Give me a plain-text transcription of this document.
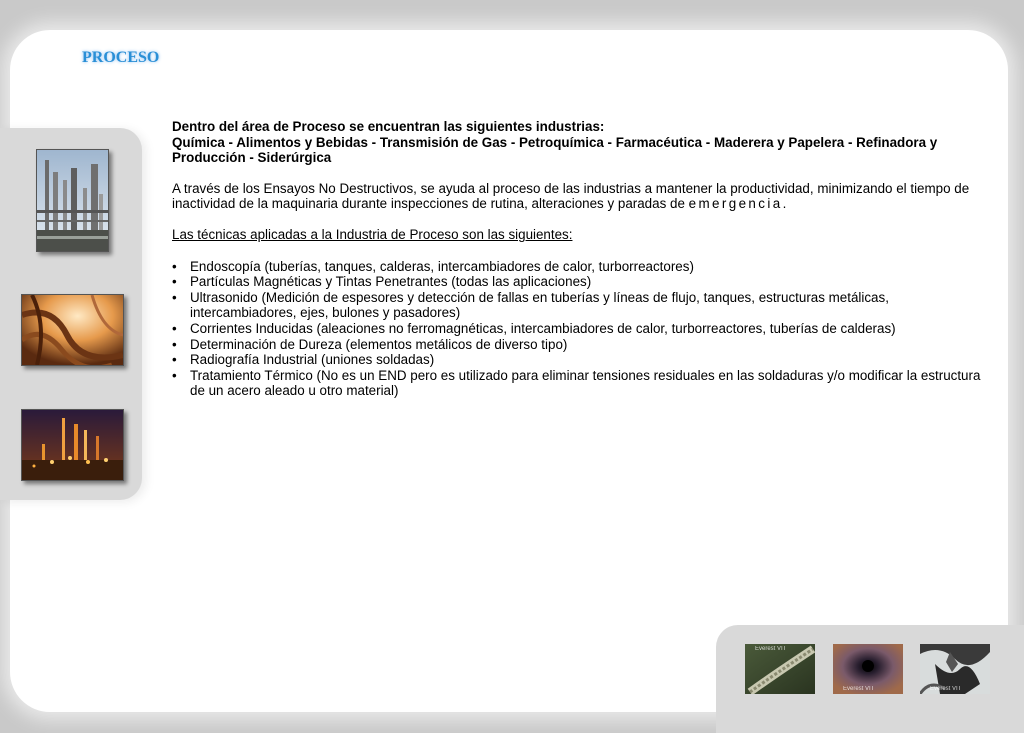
PROCESO

Dentro del área de Proceso se encuentran las siguientes industrias:
Química - Alimentos y Bebidas - Transmisión de Gas - Petroquímica - Farmacéutica - Maderera y Papelera - Refinadora y Producción - Siderúrgica

A través de los Ensayos No Destructivos, se ayuda al proceso de las industrias a mantener la productividad, minimizando el tiempo de inactividad de la maquinaria durante inspecciones de rutina, alteraciones y paradas de emergencia.

Las técnicas aplicadas a la Industria de Proceso son las siguientes:

• Endoscopía (tuberías, tanques, calderas, intercambiadores de calor, turborreactores)
• Partículas Magnéticas y Tintas Penetrantes (todas las aplicaciones)
• Ultrasonido (Medición de espesores y detección de fallas en tuberías y líneas de flujo, tanques, estructuras metálicas, intercambiadores, ejes, bulones y pasadores)
• Corrientes Inducidas (aleaciones no ferromagnéticas, intercambiadores de calor, turborreactores, tuberías de calderas)
• Determinación de Dureza (elementos metálicos de diverso tipo)
• Radiografía Industrial (uniones soldadas)
• Tratamiento Térmico (No es un END pero es utilizado para eliminar tensiones residuales en las soldaduras y/o modificar la estructura de un acero aleado u otro material)
Everest VIT
Everest VIT	Everest VIT
